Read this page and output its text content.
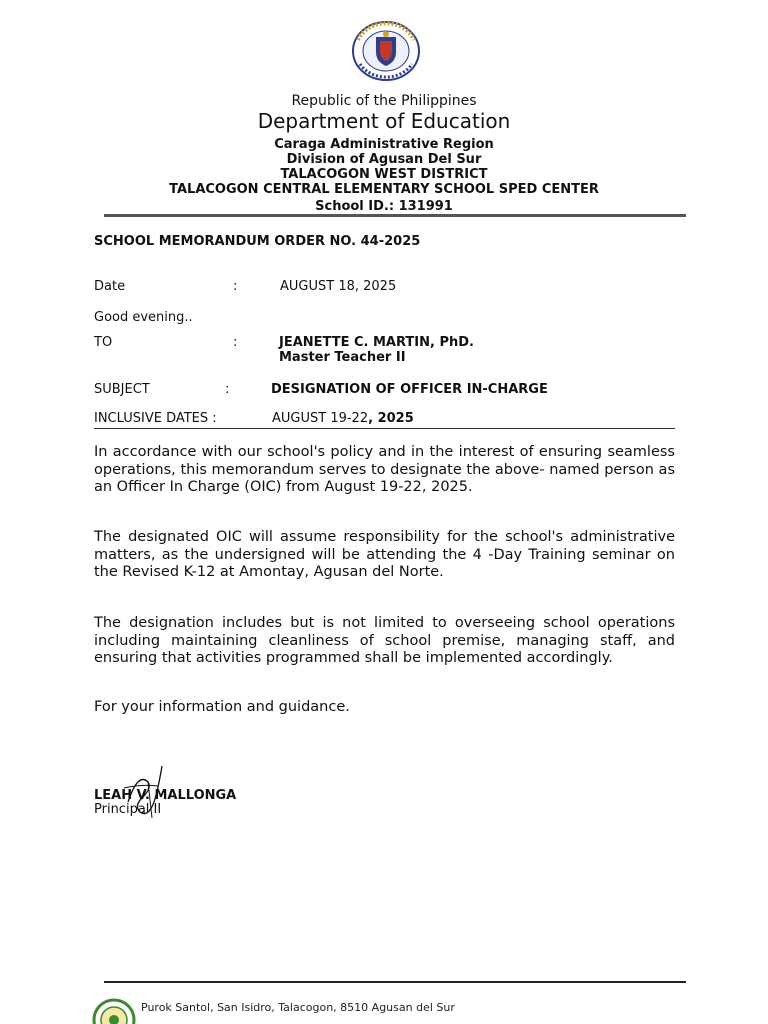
Republic of the Philippines
Department of Education
Caraga Administrative Region
Division of Agusan Del Sur
TALACOGON WEST DISTRICT
TALACOGON CENTRAL ELEMENTARY SCHOOL SPED CENTER
School ID.: 131991
SCHOOL MEMORANDUM ORDER NO. 44-2025
Date	:	AUGUST 18, 2025
Good evening..
TO	:	JEANETTE C. MARTIN, PhD.
Master Teacher II
SUBJECT	:	DESIGNATION OF OFFICER IN-CHARGE
INCLUSIVE DATES :	AUGUST 19-22, 2025
In accordance with our school's policy and in the interest of ensuring seamless operations, this memorandum serves to designate the above- named person as an Officer In Charge (OIC) from August 19-22, 2025.
The designated OIC will assume responsibility for the school's administrative matters, as the undersigned will be attending the 4 -Day Training seminar on the Revised K-12 at Amontay, Agusan del Norte.
The designation includes but is not limited to overseeing school operations including maintaining cleanliness of school premise, managing staff, and ensuring that activities programmed shall be implemented accordingly.
For your information and guidance.
LEAH V. MALLONGA
Principal II
Purok Santol, San Isidro, Talacogon, 8510 Agusan del Sur
